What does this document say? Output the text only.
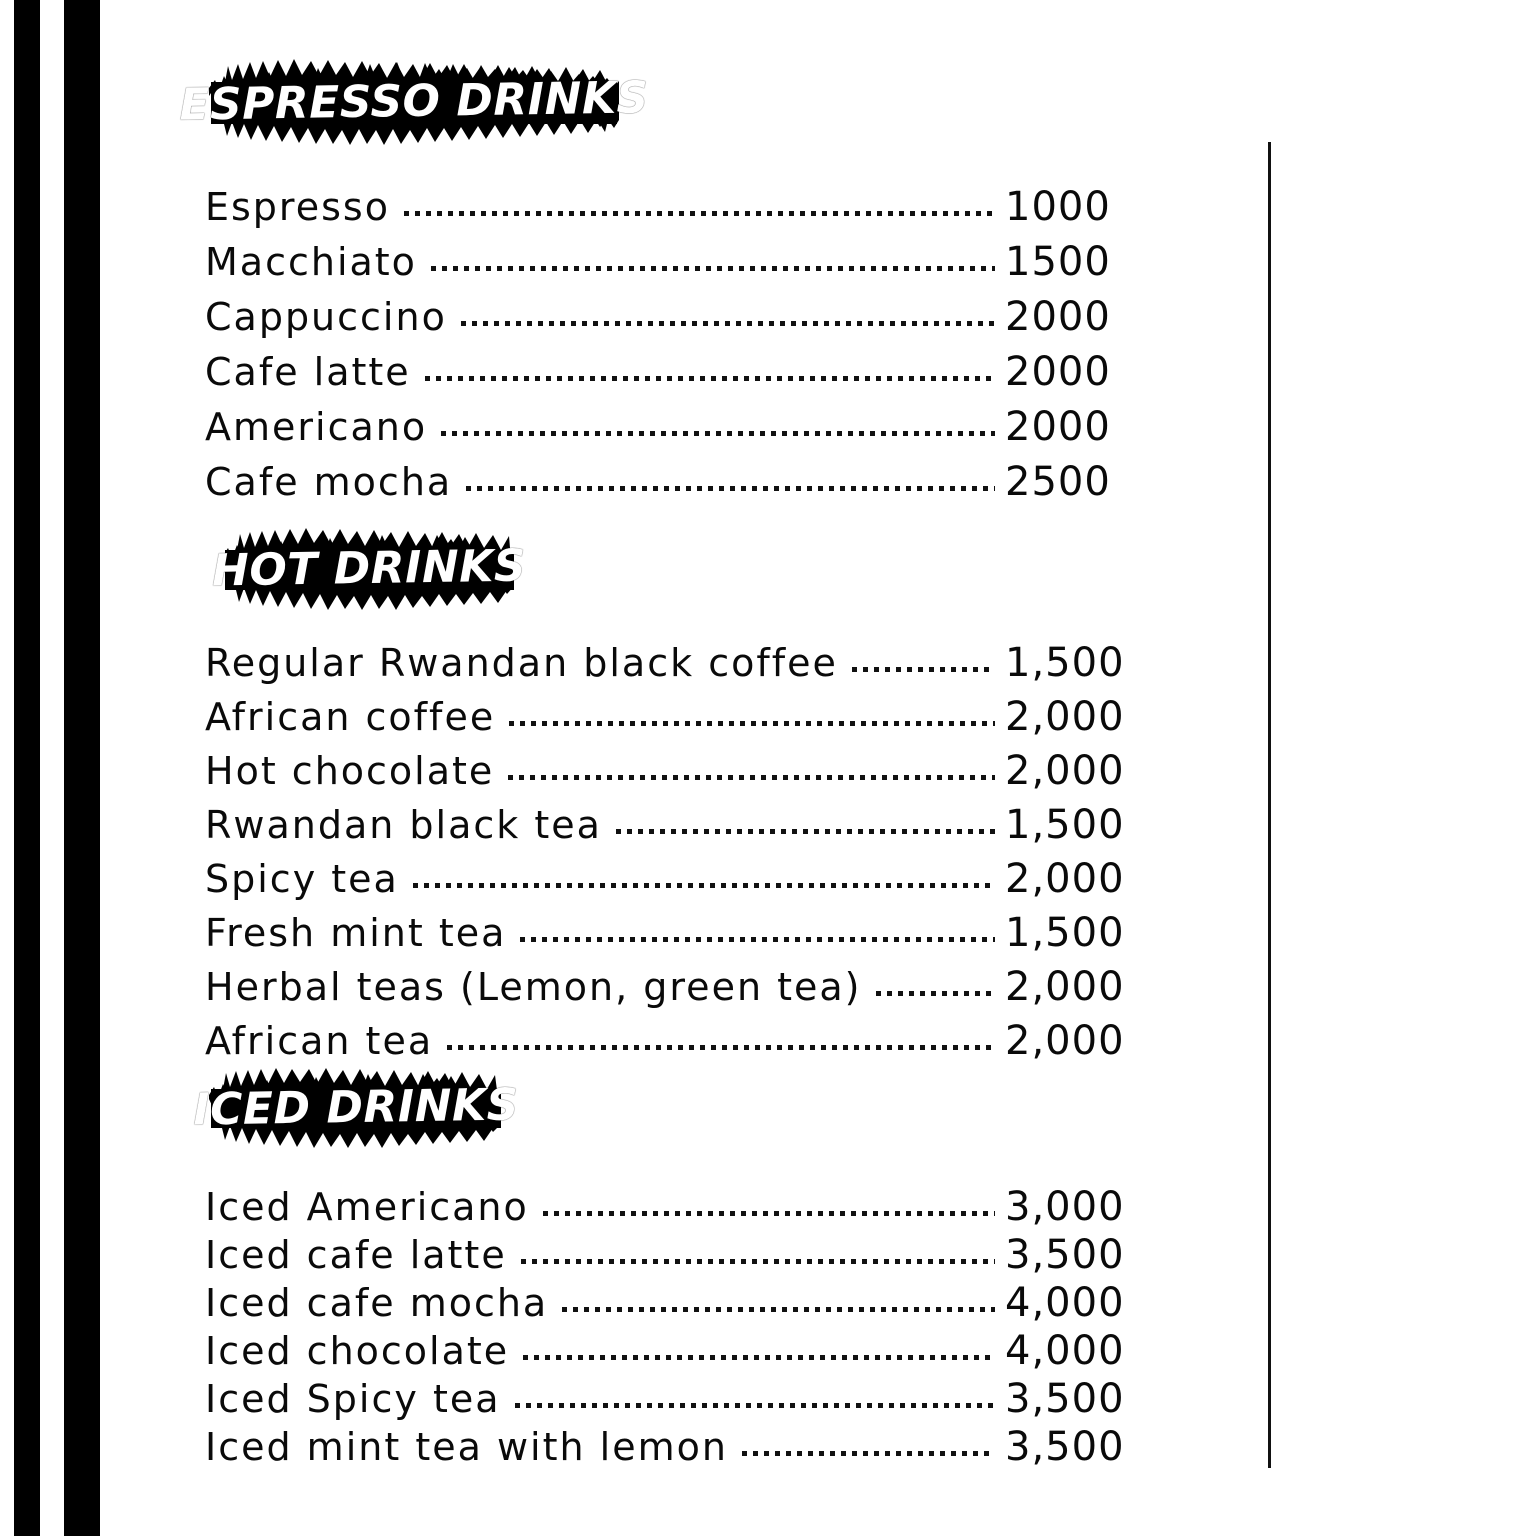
ESPRESSO DRINKS
Espresso	1000
Macchiato	1500
Cappuccino	2000
Cafe latte	2000
Americano	2000
Cafe mocha	2500
HOT DRINKS
Regular Rwandan black coffee	1,500
African coffee	2,000
Hot chocolate	2,000
Rwandan black tea	1,500
Spicy tea	2,000
Fresh mint tea	1,500
Herbal teas (Lemon, green tea)	2,000
African tea	2,000
ICED DRINKS
Iced Americano	3,000
Iced cafe latte	3,500
Iced cafe mocha	4,000
Iced chocolate	4,000
Iced Spicy tea	3,500
Iced mint tea with lemon	3,500
